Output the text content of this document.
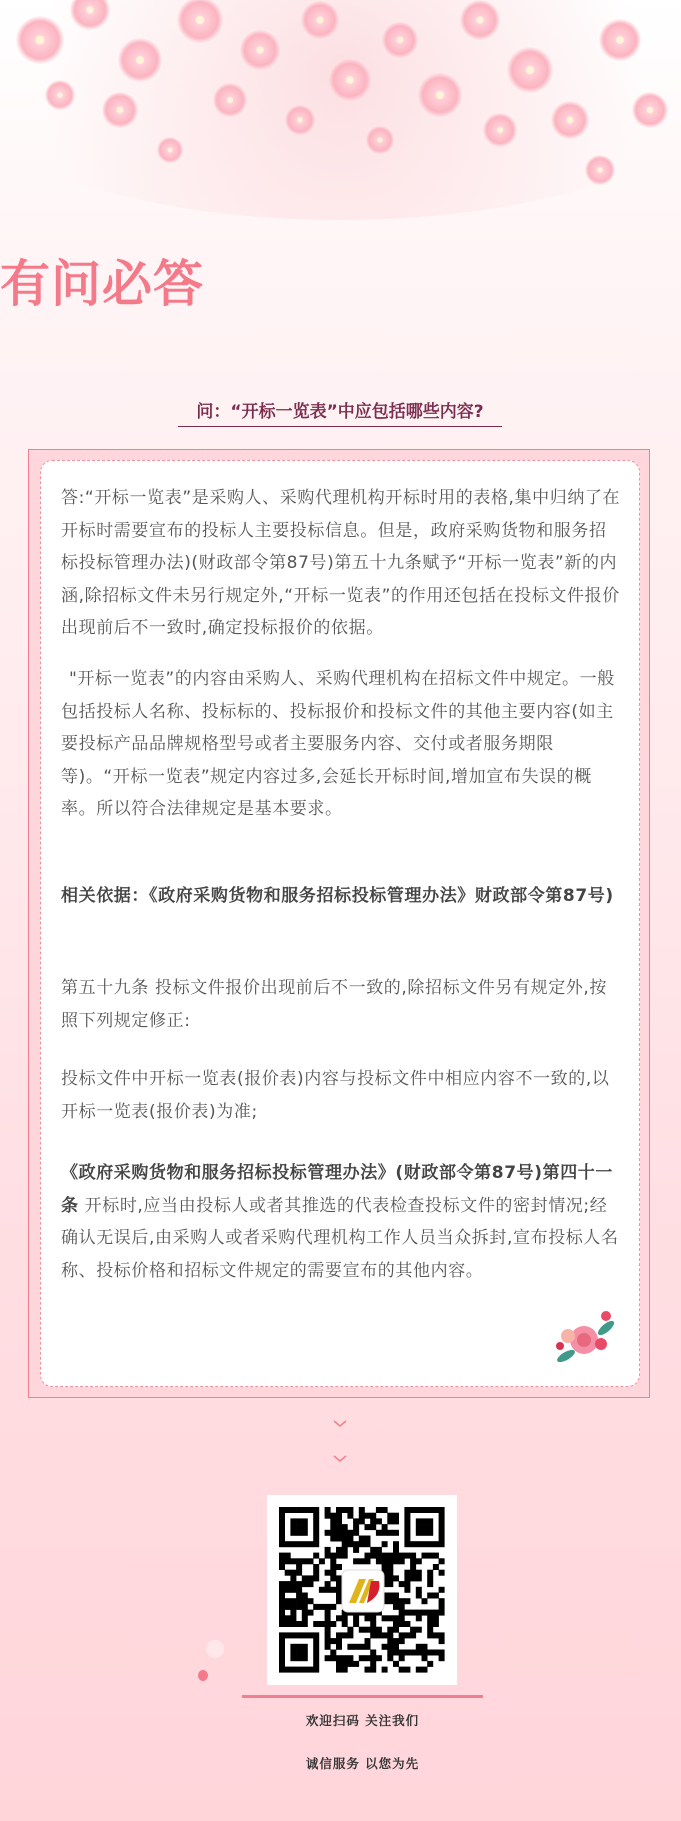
有问必答
问：“开标一览表”中应包括哪些内容?

答:“开标一览表”是采购人、采购代理机构开标时用的表格,集中归纳了在开标时需要宣布的投标人主要投标信息。但是，政府采购货物和服务招标投标管理办法)(财政部令第87号)第五十九条赋予“开标一览表”新的内涵,除招标文件未另行规定外,“开标一览表”的作用还包括在投标文件报价出现前后不一致时,确定投标报价的依据。

"开标一览表”的内容由采购人、采购代理机构在招标文件中规定。一般包括投标人名称、投标标的、投标报价和投标文件的其他主要内容(如主要投标产品品牌规格型号或者主要服务内容、交付或者服务期限等)。“开标一览表”规定内容过多,会延长开标时间,增加宣布失误的概率。所以符合法律规定是基本要求。

相关依据：《政府采购货物和服务招标投标管理办法》财政部令第87号)

第五十九条 投标文件报价出现前后不一致的,除招标文件另有规定外,按照下列规定修正:

投标文件中开标一览表(报价表)内容与投标文件中相应内容不一致的,以开标一览表(报价表)为准;

《政府采购货物和服务招标投标管理办法》(财政部令第87号)第四十一条 开标时,应当由投标人或者其推选的代表检查投标文件的密封情况;经确认无误后,由采购人或者采购代理机构工作人员当众拆封,宣布投标人名称、投标价格和招标文件规定的需要宣布的其他内容。

欢迎扫码 关注我们
诚信服务 以您为先
